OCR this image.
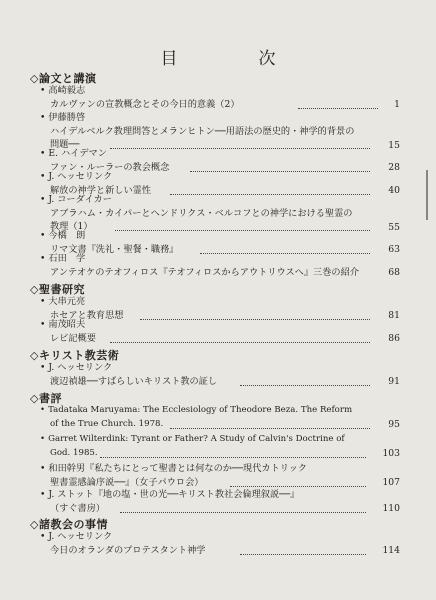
目　次
◇論文と講演
• 高崎毅志
カルヴァンの宣教概念とその今日的意義（2）	1
• 伊藤勝啓
ハイデルベルク教理問答とメランヒトン──用語法の歴史的・神学的背景の
問題──	15
• E. ハイデマン
ファン・ルーラーの教会概念	28
• J. ヘッセリンク
解放の神学と新しい霊性	40
• J. コーダイカー
アブラハム・カイパーとヘンドリクス・ベルコフとの神学における聖霊の
教理（1）	55
• 今橋　朗
リマ文書『洗礼・聖餐・職務』	63
• 石田　学
アンテオケのテオフィロス『テオフィロスからアウトリウスへ』三巻の紹介	68
◇聖書研究
• 大串元亮
ホセアと教育思想	81
• 南茂昭夫
レビ記概要	86
◇キリスト教芸術
• J. ヘッセリンク
渡辺禎雄──すばらしいキリスト教の証し	91
◇書評
• Tadataka Maruyama: The Ecclesiology of Theodore Beza. The Reform
of the True Church. 1978.	95
• Garret Wilterdink: Tyrant or Father? A Study of Calvin's Doctrine of
God. 1985.	103
• 和田幹男『私たちにとって聖書とは何なのか──現代カトリック
聖書霊感論序説──』（女子パウロ会）	107
• J. ストット『地の塩・世の光──キリスト教社会倫理叙説──』
（すぐ書房）	110
◇諸教会の事情
• J. ヘッセリンク
今日のオランダのプロテスタント神学	114
